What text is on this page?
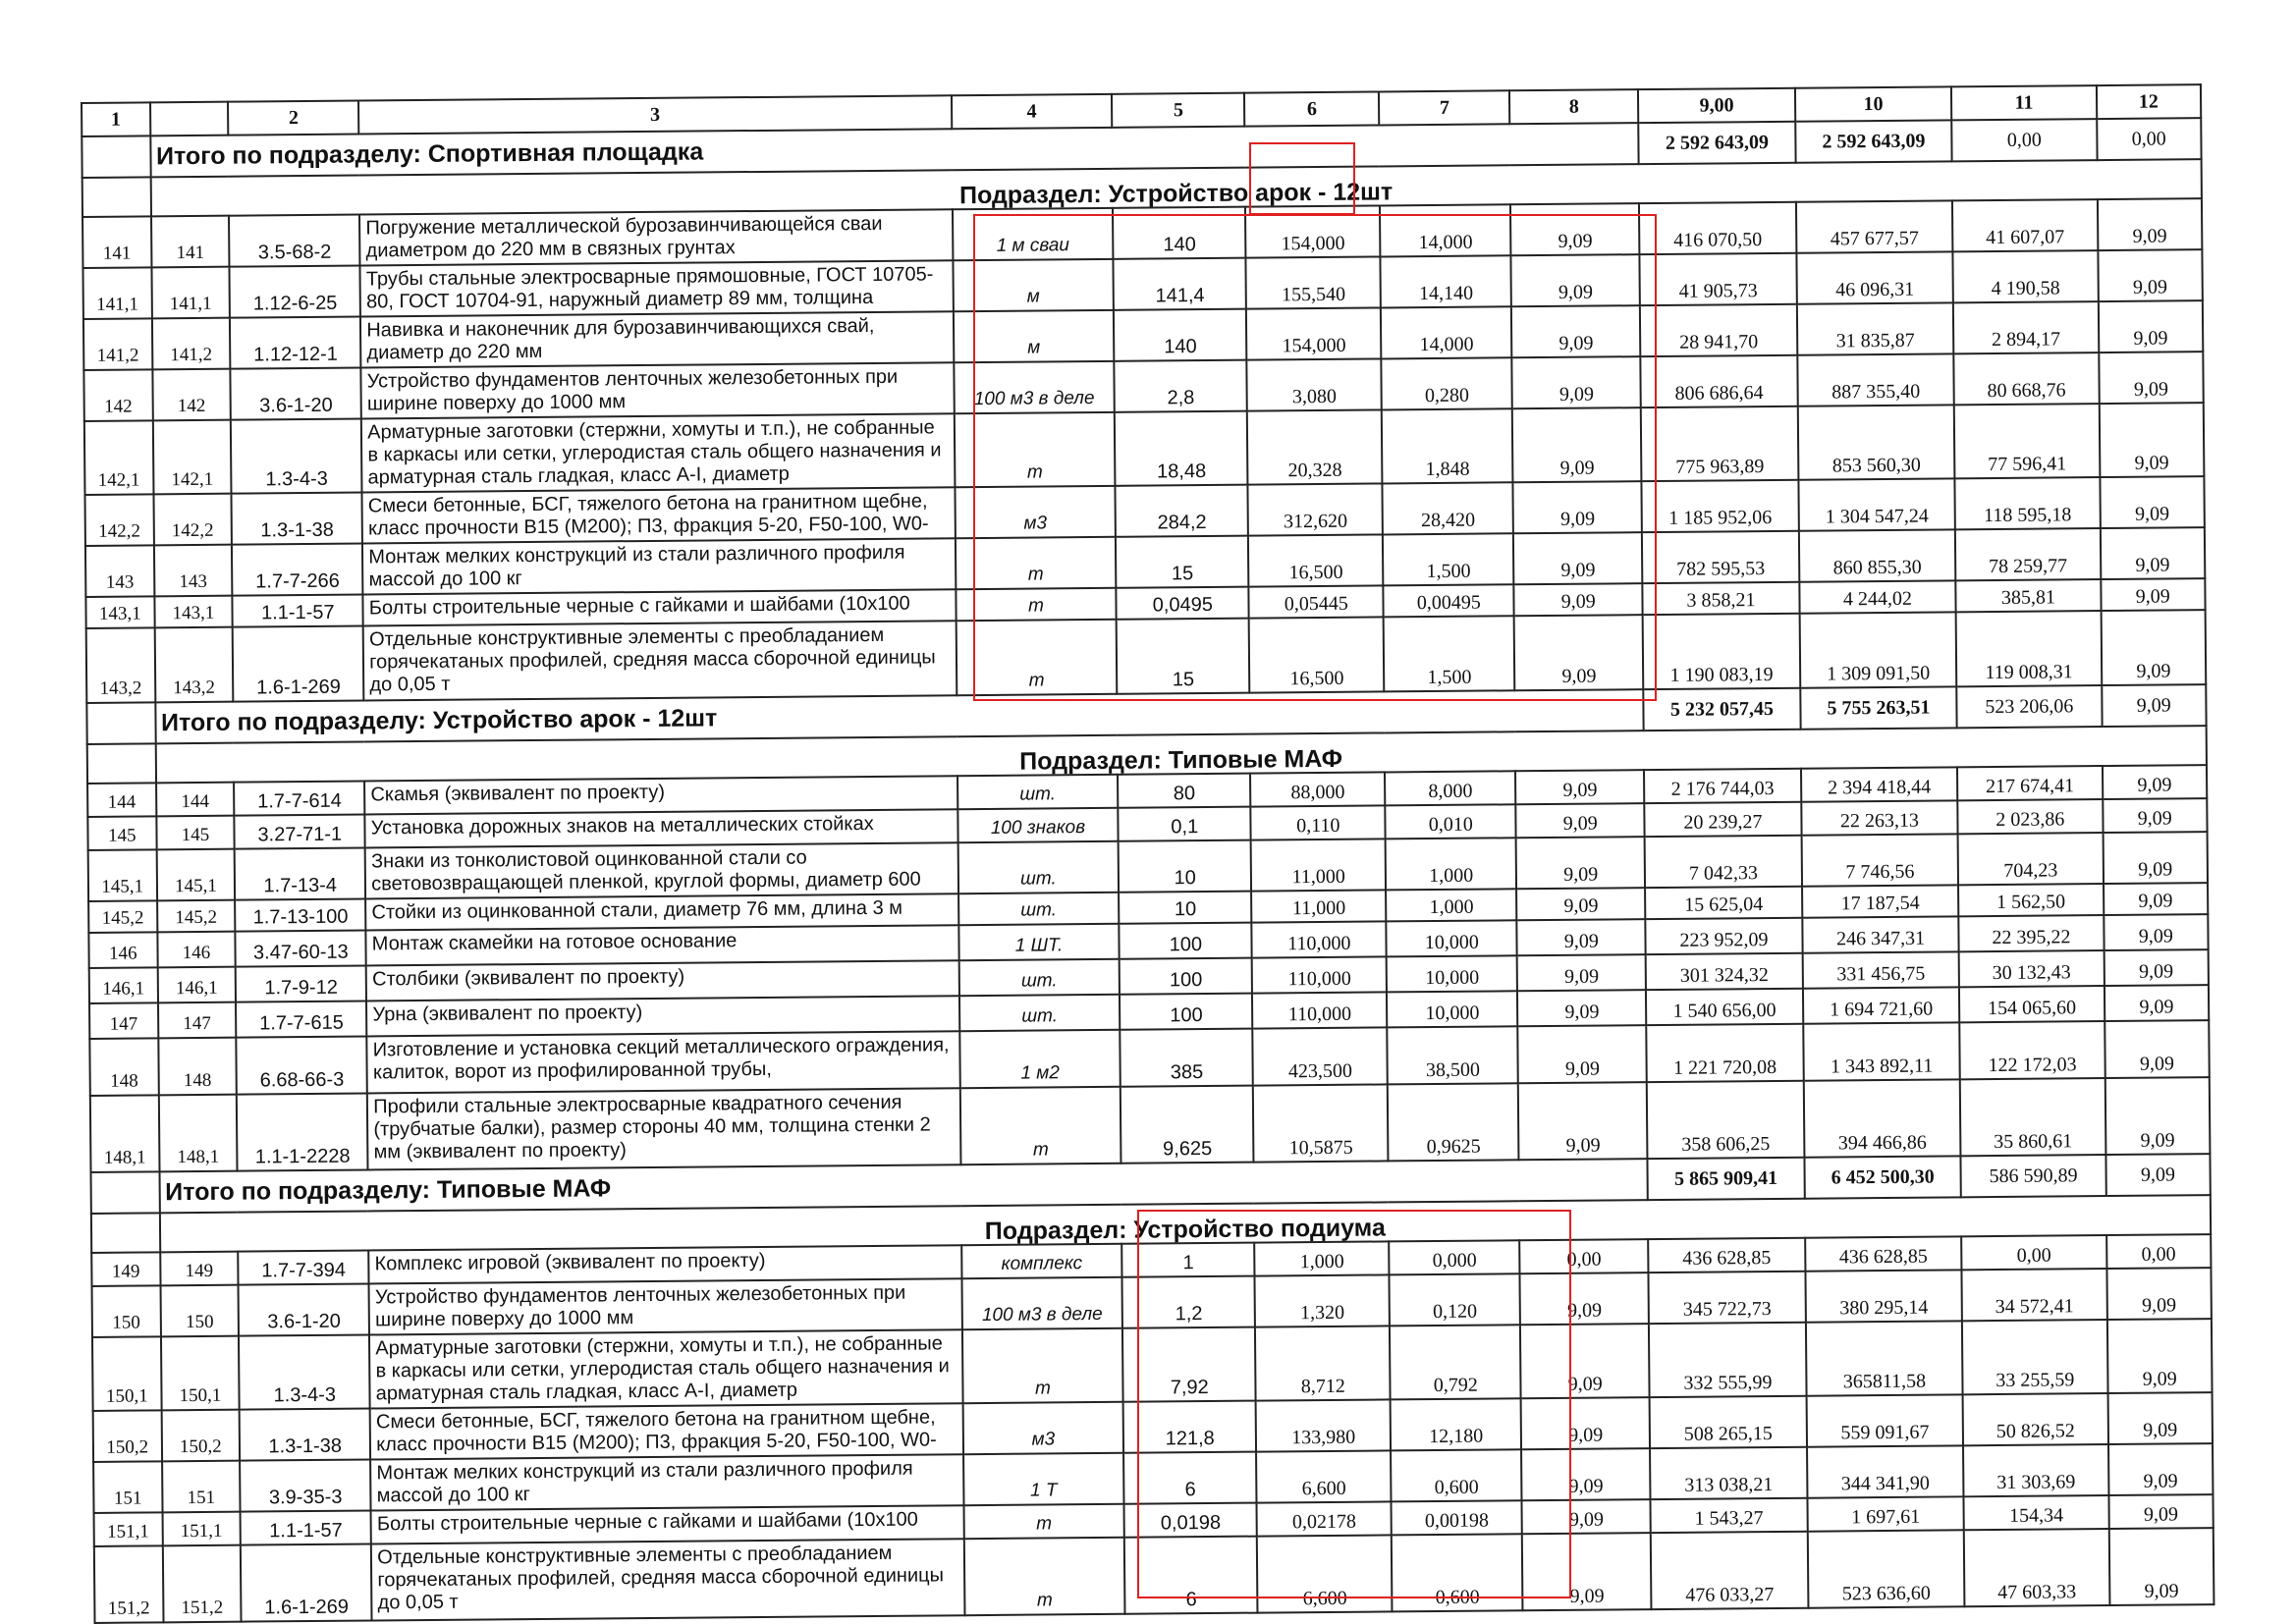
1		2	3	4	5	6	7	8	9,00	10	11	12
	Итого по подразделу: Спортивная площадка								2 592 643,09	2 592 643,09	0,00	0,00
	Подраздел: Устройство арок - 12шт											
141	141	3.5-68-2	Погружение металлической бурозавинчивающейся сваи диаметром до 220 мм в связных грунтах	1 м сваи	140	154,000	14,000	9,09	416 070,50	457 677,57	41 607,07	9,09
141,1	141,1	1.12-6-25	Трубы стальные электросварные прямошовные, ГОСТ 10705-80, ГОСТ 10704-91, наружный диаметр 89 мм, толщина	м	141,4	155,540	14,140	9,09	41 905,73	46 096,31	4 190,58	9,09
141,2	141,2	1.12-12-1	Навивка и наконечник для бурозавинчивающихся свай, диаметр до 220 мм	м	140	154,000	14,000	9,09	28 941,70	31 835,87	2 894,17	9,09
142	142	3.6-1-20	Устройство фундаментов ленточных железобетонных при ширине поверху до 1000 мм	100 м3 в деле	2,8	3,080	0,280	9,09	806 686,64	887 355,40	80 668,76	9,09
142,1	142,1	1.3-4-3	Арматурные заготовки (стержни, хомуты и т.п.), не собранные в каркасы или сетки, углеродистая сталь общего назначения и арматурная сталь гладкая, класс А-I, диаметр	т	18,48	20,328	1,848	9,09	775 963,89	853 560,30	77 596,41	9,09
142,2	142,2	1.3-1-38	Смеси бетонные, БСГ, тяжелого бетона на гранитном щебне, класс прочности В15 (М200); П3, фракция 5-20, F50-100, W0-	м3	284,2	312,620	28,420	9,09	1 185 952,06	1 304 547,24	118 595,18	9,09
143	143	1.7-7-266	Монтаж мелких конструкций из стали различного профиля массой до 100 кг	т	15	16,500	1,500	9,09	782 595,53	860 855,30	78 259,77	9,09
143,1	143,1	1.1-1-57	Болты строительные черные с гайками и шайбами (10х100	т	0,0495	0,05445	0,00495	9,09	3 858,21	4 244,02	385,81	9,09
143,2	143,2	1.6-1-269	Отдельные конструктивные элементы с преобладанием горячекатаных профилей, средняя масса сборочной единицы до 0,05 т	т	15	16,500	1,500	9,09	1 190 083,19	1 309 091,50	119 008,31	9,09
	Итого по подразделу: Устройство арок - 12шт								5 232 057,45	5 755 263,51	523 206,06	9,09
	Подраздел: Типовые МАФ											
144	144	1.7-7-614	Скамья (эквивалент по проекту)	шт.	80	88,000	8,000	9,09	2 176 744,03	2 394 418,44	217 674,41	9,09
145	145	3.27-71-1	Установка дорожных знаков на металлических стойках	100 знаков	0,1	0,110	0,010	9,09	20 239,27	22 263,13	2 023,86	9,09
145,1	145,1	1.7-13-4	Знаки из тонколистовой оцинкованной стали со световозвращающей пленкой, круглой формы, диаметр 600	шт.	10	11,000	1,000	9,09	7 042,33	7 746,56	704,23	9,09
145,2	145,2	1.7-13-100	Стойки из оцинкованной стали, диаметр 76 мм, длина 3 м	шт.	10	11,000	1,000	9,09	15 625,04	17 187,54	1 562,50	9,09
146	146	3.47-60-13	Монтаж скамейки на готовое основание	1 ШТ.	100	110,000	10,000	9,09	223 952,09	246 347,31	22 395,22	9,09
146,1	146,1	1.7-9-12	Столбики (эквивалент по проекту)	шт.	100	110,000	10,000	9,09	301 324,32	331 456,75	30 132,43	9,09
147	147	1.7-7-615	Урна (эквивалент по проекту)	шт.	100	110,000	10,000	9,09	1 540 656,00	1 694 721,60	154 065,60	9,09
148	148	6.68-66-3	Изготовление и установка секций металлического ограждения, калиток, ворот из профилированной трубы,	1 м2	385	423,500	38,500	9,09	1 221 720,08	1 343 892,11	122 172,03	9,09
148,1	148,1	1.1-1-2228	Профили стальные электросварные квадратного сечения (трубчатые балки), размер стороны 40 мм, толщина стенки 2 мм (эквивалент по проекту)	т	9,625	10,5875	0,9625	9,09	358 606,25	394 466,86	35 860,61	9,09
	Итого по подразделу: Типовые МАФ								5 865 909,41	6 452 500,30	586 590,89	9,09
	Подраздел: Устройство подиума											
149	149	1.7-7-394	Комплекс игровой (эквивалент по проекту)	комплекс	1	1,000	0,000	0,00	436 628,85	436 628,85	0,00	0,00
150	150	3.6-1-20	Устройство фундаментов ленточных железобетонных при ширине поверху до 1000 мм	100 м3 в деле	1,2	1,320	0,120	9,09	345 722,73	380 295,14	34 572,41	9,09
150,1	150,1	1.3-4-3	Арматурные заготовки (стержни, хомуты и т.п.), не собранные в каркасы или сетки, углеродистая сталь общего назначения и арматурная сталь гладкая, класс А-I, диаметр	т	7,92	8,712	0,792	9,09	332 555,99	365811,58	33 255,59	9,09
150,2	150,2	1.3-1-38	Смеси бетонные, БСГ, тяжелого бетона на гранитном щебне, класс прочности В15 (М200); П3, фракция 5-20, F50-100, W0-	м3	121,8	133,980	12,180	9,09	508 265,15	559 091,67	50 826,52	9,09
151	151	3.9-35-3	Монтаж мелких конструкций из стали различного профиля массой до 100 кг	1 Т	6	6,600	0,600	9,09	313 038,21	344 341,90	31 303,69	9,09
151,1	151,1	1.1-1-57	Болты строительные черные с гайками и шайбами (10х100	т	0,0198	0,02178	0,00198	9,09	1 543,27	1 697,61	154,34	9,09
151,2	151,2	1.6-1-269	Отдельные конструктивные элементы с преобладанием горячекатаных профилей, средняя масса сборочной единицы до 0,05 т	т	6	6,600	0,600	9,09	476 033,27	523 636,60	47 603,33	9,09
